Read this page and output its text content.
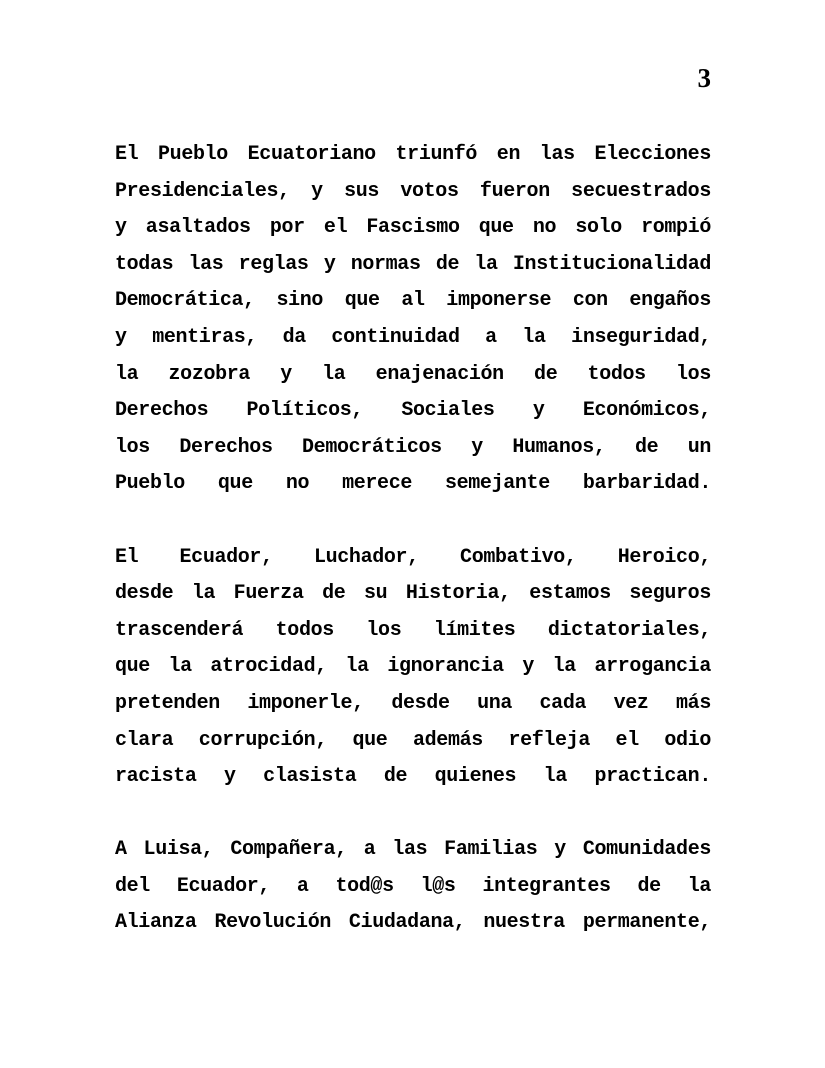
3
El Pueblo Ecuatoriano triunfó en las Elecciones
Presidenciales, y sus votos fueron secuestrados
y asaltados por el Fascismo que no solo rompió
todas las reglas y normas de la Institucionalidad
Democrática, sino que al imponerse con engaños
y mentiras, da continuidad a la inseguridad,
la zozobra y la enajenación de todos los
Derechos Políticos, Sociales y Económicos,
los Derechos Democráticos y Humanos, de un
Pueblo que no merece semejante barbaridad.
El Ecuador, Luchador, Combativo, Heroico,
desde la Fuerza de su Historia, estamos seguros
trascenderá todos los límites dictatoriales,
que la atrocidad, la ignorancia y la arrogancia
pretenden imponerle, desde una cada vez más
clara corrupción, que además refleja el odio
racista y clasista de quienes la practican.
A Luisa, Compañera, a las Familias y Comunidades
del Ecuador, a tod@s l@s integrantes de la
Alianza Revolución Ciudadana, nuestra permanente,
